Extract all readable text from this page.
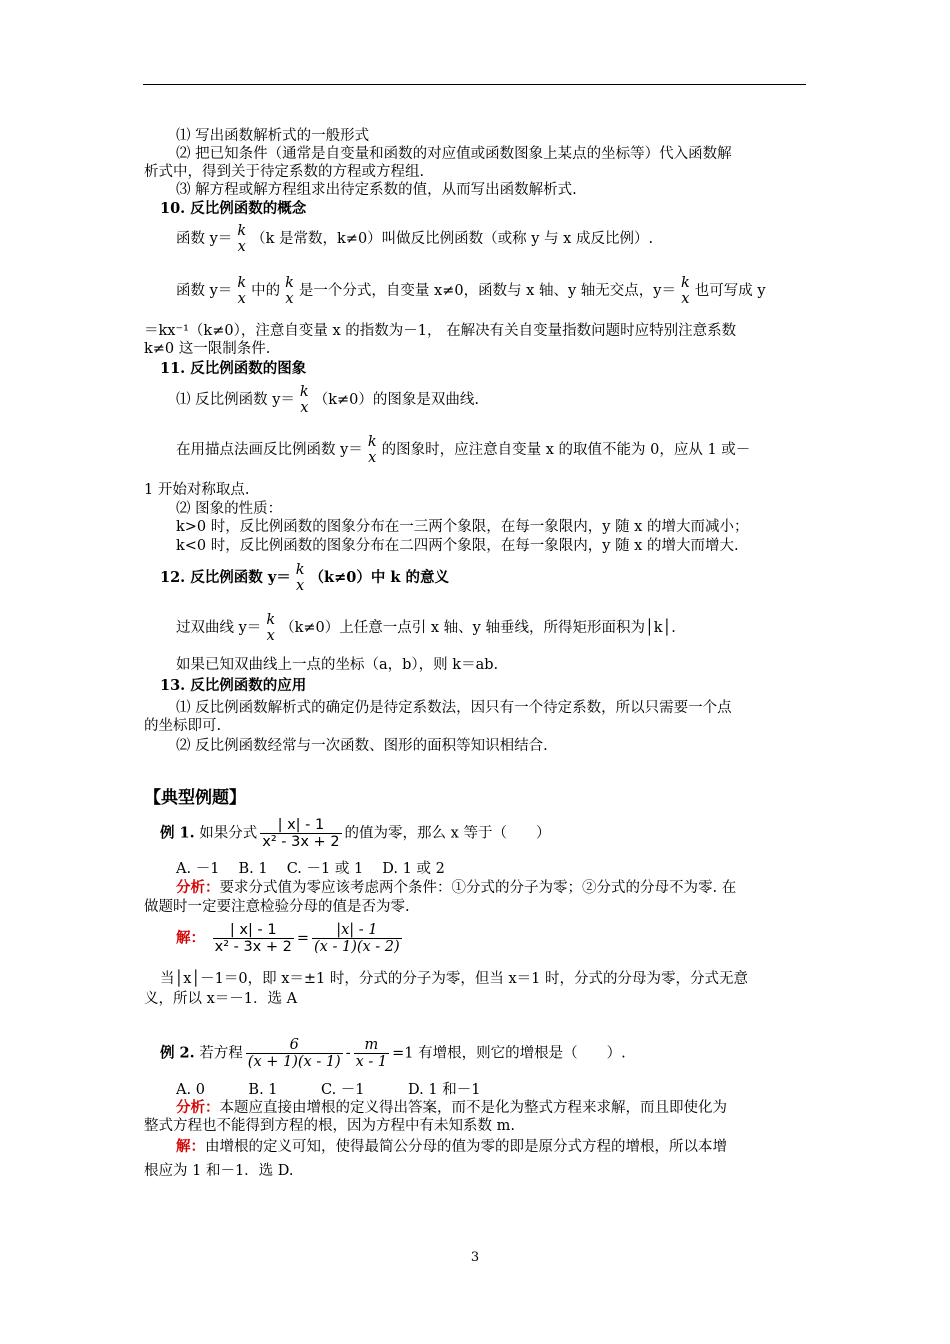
⑴ 写出函数解析式的一般形式
⑵ 把已知条件（通常是自变量和函数的对应值或函数图象上某点的坐标等）代入函数解
析式中，得到关于待定系数的方程或方程组.
⑶ 解方程或解方程组求出待定系数的值，从而写出函数解析式.
10. 反比例函数的概念
函数 y＝ k
x （k 是常数，k≠0）叫做反比例函数（或称 y 与 x 成反比例）.
函数 y＝ k
x 中的 k
x 是一个分式，自变量 x≠0，函数与 x 轴、y 轴无交点，y＝ k
x 也可写成 y
＝kx⁻¹（k≠0），注意自变量 x 的指数为－1， 在解决有关自变量指数问题时应特别注意系数
k≠0 这一限制条件.
11. 反比例函数的图象
⑴ 反比例函数 y＝ k
x （k≠0）的图象是双曲线.
在用描点法画反比例函数 y＝ k
x 的图象时，应注意自变量 x 的取值不能为 0，应从 1 或－
1 开始对称取点.
⑵ 图象的性质：
k>0 时，反比例函数的图象分布在一三两个象限，在每一象限内，y 随 x 的增大而减小；
k<0 时，反比例函数的图象分布在二四两个象限，在每一象限内，y 随 x 的增大而增大.
12. 反比例函数 y＝ k
x （k≠0）中 k 的意义
过双曲线 y＝ k
x （k≠0）上任意一点引 x 轴、y 轴垂线，所得矩形面积为│k│.
如果已知双曲线上一点的坐标（a，b），则 k＝ab.
13. 反比例函数的应用
⑴ 反比例函数解析式的确定仍是待定系数法，因只有一个待定系数，所以只需要一个点
的坐标即可.
⑵ 反比例函数经常与一次函数、图形的面积等知识相结合.
【典型例题】
例 1. 如果分式 $\frac{| x| - 1}{\text{x² - 3x + 2}}$ 的值为零，那么 x 等于（　　）
A. －1　 B. 1　 C. －1 或 1　 D. 1 或 2
分析：要求分式值为零应该考虑两个条件：①分式的分子为零；②分式的分母不为零. 在
做题时一定要注意检验分母的值是否为零.
解： $\frac{| x| - 1}{\text{x² - 3x + 2}} = \frac{|x| - 1}{(x - 1)(x - 2)}$
当│x│－1＝0，即 x＝±1 时，分式的分子为零，但当 x＝1 时，分式的分母为零，分式无意
义，所以 x＝－1．选 A
例 2. 若方程 $\frac{6}{(x + 1)(x - 1)} - \frac{m}{x - 1} =1$ 有增根，则它的增根是（　　）.
A. 0　　　B. 1　　　C. －1　　　D. 1 和－1
分析：本题应直接由增根的定义得出答案，而不是化为整式方程来求解，而且即使化为
整式方程也不能得到方程的根，因为方程中有未知系数 m.
解：由增根的定义可知，使得最简公分母的值为零的即是原分式方程的增根，所以本增
根应为 1 和－1．选 D.
3
